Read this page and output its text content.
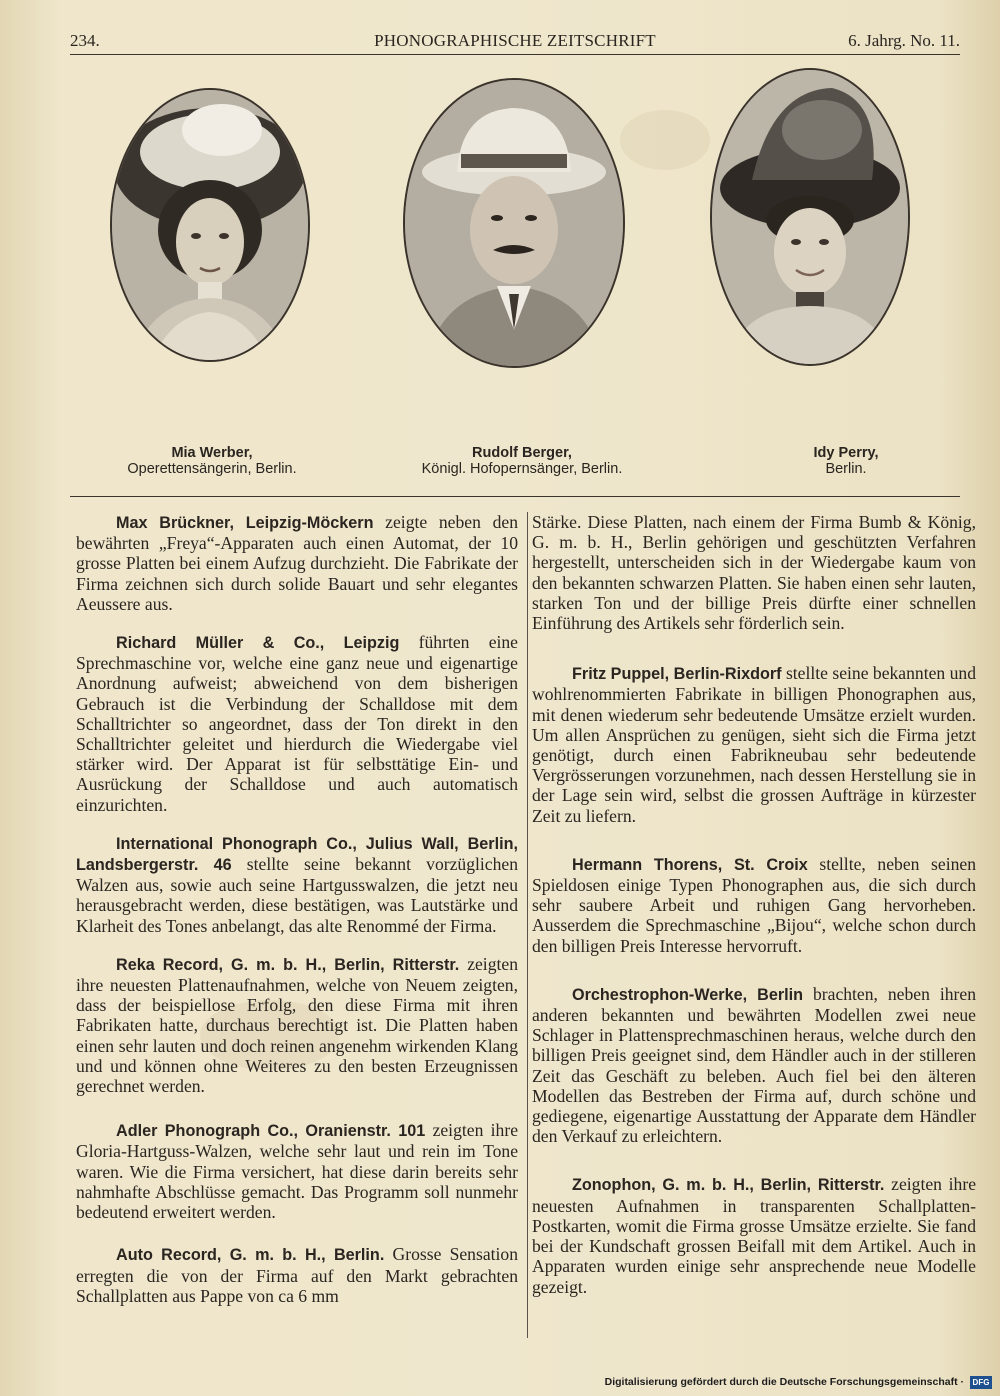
234.	PHONOGRAPHISCHE ZEITSCHRIFT	6. Jahrg. No. 11.
Mia Werber,
Operettensängerin, Berlin.
Rudolf Berger,
Königl. Hofopernsänger, Berlin.
Idy Perry,
Berlin.

Max Brückner, Leipzig-Möckern zeigte neben den bewährten „Freya“-Apparaten auch einen Automat, der 10 grosse Platten bei einem Aufzug durchzieht. Die Fabrikate der Firma zeichnen sich durch solide Bauart und sehr elegantes Aeussere aus.

Richard Müller & Co., Leipzig führten eine Sprechmaschine vor, welche eine ganz neue und eigenartige Anordnung aufweist; abweichend von dem bisherigen Gebrauch ist die Verbindung der Schalldose mit dem Schalltrichter so angeordnet, dass der Ton direkt in den Schalltrichter geleitet und hierdurch die Wiedergabe viel stärker wird. Der Apparat ist für selbsttätige Ein- und Ausrückung der Schalldose und auch automatisch einzurichten.

International Phonograph Co., Julius Wall, Berlin, Landsbergerstr. 46 stellte seine bekannt vorzüglichen Walzen aus, sowie auch seine Hartgusswalzen, die jetzt neu herausgebracht werden, diese bestätigen, was Lautstärke und Klarheit des Tones anbelangt, das alte Renommé der Firma.

Reka Record, G. m. b. H., Berlin, Ritterstr. zeigten ihre neuesten Plattenaufnahmen, welche von Neuem zeigten, dass der beispiellose Erfolg, den diese Firma mit ihren Fabrikaten hatte, durchaus berechtigt ist. Die Platten haben einen sehr lauten und doch reinen angenehm wirkenden Klang und und können ohne Weiteres zu den besten Erzeugnissen gerechnet werden.

Adler Phonograph Co., Oranienstr. 101 zeigten ihre Gloria-Hartguss-Walzen, welche sehr laut und rein im Tone waren. Wie die Firma versichert, hat diese darin bereits sehr nahmhafte Abschlüsse gemacht. Das Programm soll nunmehr bedeutend erweitert werden.

Auto Record, G. m. b. H., Berlin. Grosse Sensation erregten die von der Firma auf den Markt gebrachten Schallplatten aus Pappe von ca 6 mm

Stärke. Diese Platten, nach einem der Firma Bumb & König, G. m. b. H., Berlin gehörigen und geschützten Verfahren hergestellt, unterscheiden sich in der Wiedergabe kaum von den bekannten schwarzen Platten. Sie haben einen sehr lauten, starken Ton und der billige Preis dürfte einer schnellen Einführung des Artikels sehr förderlich sein.

Fritz Puppel, Berlin-Rixdorf stellte seine bekannten und wohlrenommierten Fabrikate in billigen Phonographen aus, mit denen wiederum sehr bedeutende Umsätze erzielt wurden. Um allen Ansprüchen zu genügen, sieht sich die Firma jetzt genötigt, durch einen Fabrikneubau sehr bedeutende Vergrösserungen vorzunehmen, nach dessen Herstellung sie in der Lage sein wird, selbst die grossen Aufträge in kürzester Zeit zu liefern.

Hermann Thorens, St. Croix stellte, neben seinen Spieldosen einige Typen Phonographen aus, die sich durch sehr saubere Arbeit und ruhigen Gang hervorheben. Ausserdem die Sprechmaschine „Bijou“, welche schon durch den billigen Preis Interesse hervorruft.

Orchestrophon-Werke, Berlin brachten, neben ihren anderen bekannten und bewährten Modellen zwei neue Schlager in Plattensprechmaschinen heraus, welche durch den billigen Preis geeignet sind, dem Händler auch in der stilleren Zeit das Geschäft zu beleben. Auch fiel bei den älteren Modellen das Bestreben der Firma auf, durch schöne und gediegene, eigenartige Ausstattung der Apparate dem Händler den Verkauf zu erleichtern.

Zonophon, G. m. b. H., Berlin, Ritterstr. zeigten ihre neuesten Aufnahmen in transparenten Schallplatten-Postkarten, womit die Firma grosse Umsätze erzielte. Sie fand bei der Kundschaft grossen Beifall mit dem Artikel. Auch in Apparaten wurden einige sehr ansprechende neue Modelle gezeigt.

Digitalisierung gefördert durch die Deutsche Forschungsgemeinschaft ·	DFG
